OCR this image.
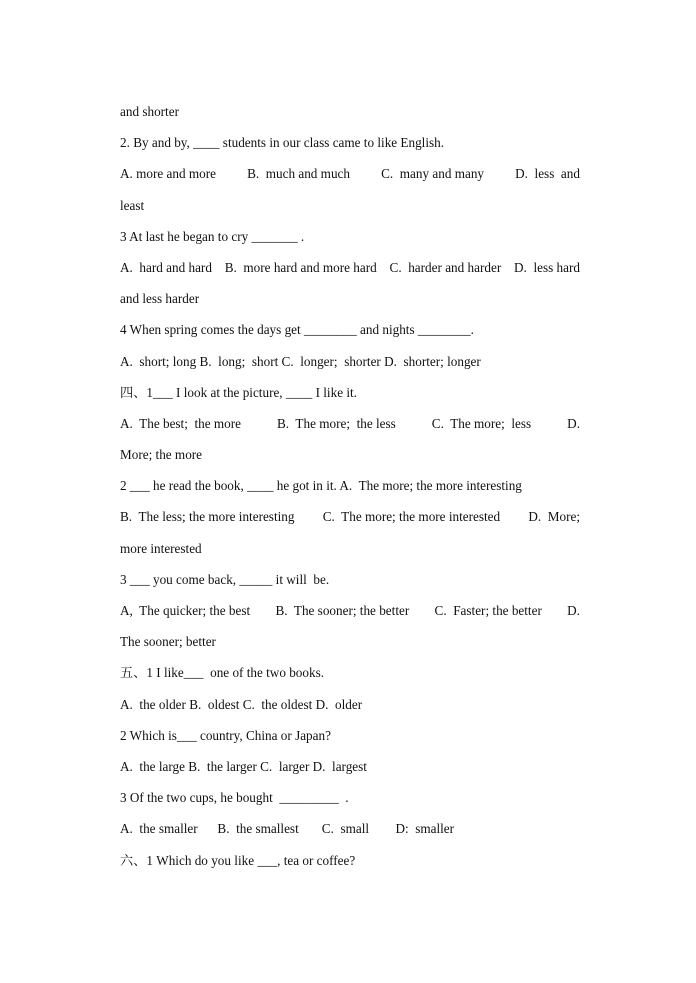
and shorter
2. By and by, ____ students in our class came to like English.
A. more and more B.  much and much C.  many and many D.  less  and
least
3 At last he began to cry _______ .
A.  hard and hard B.  more hard and more hard C.  harder and harder D.  less hard
and less harder
4 When spring comes the days get ________ and nights ________.
A.  short; long B.  long;  short C.  longer;  shorter D.  shorter; longer
四、1___ I look at the picture, ____ I like it.
A.  The best;  the more	B.  The more;  the less	C.  The more;  less	D.
More; the more
2 ___ he read the book, ____ he got in it. A.  The more; the more interesting
B.  The less; the more interesting C.  The more; the more interested D.  More;
more interested
3 ___ you come back, _____ it will  be.
A,  The quicker; the best B.  The sooner; the better C.  Faster; the better D.
The sooner; better
五、1 I like___  one of the two books.
A.  the older B.  oldest C.  the oldest D.  older
2 Which is___ country, China or Japan?
A.  the large B.  the larger C.  larger D.  largest
3 Of the two cups, he bought  _________  .
A.  the smaller      B.  the smallest       C.  small        D:  smaller
六、1 Which do you like ___, tea or coffee?
